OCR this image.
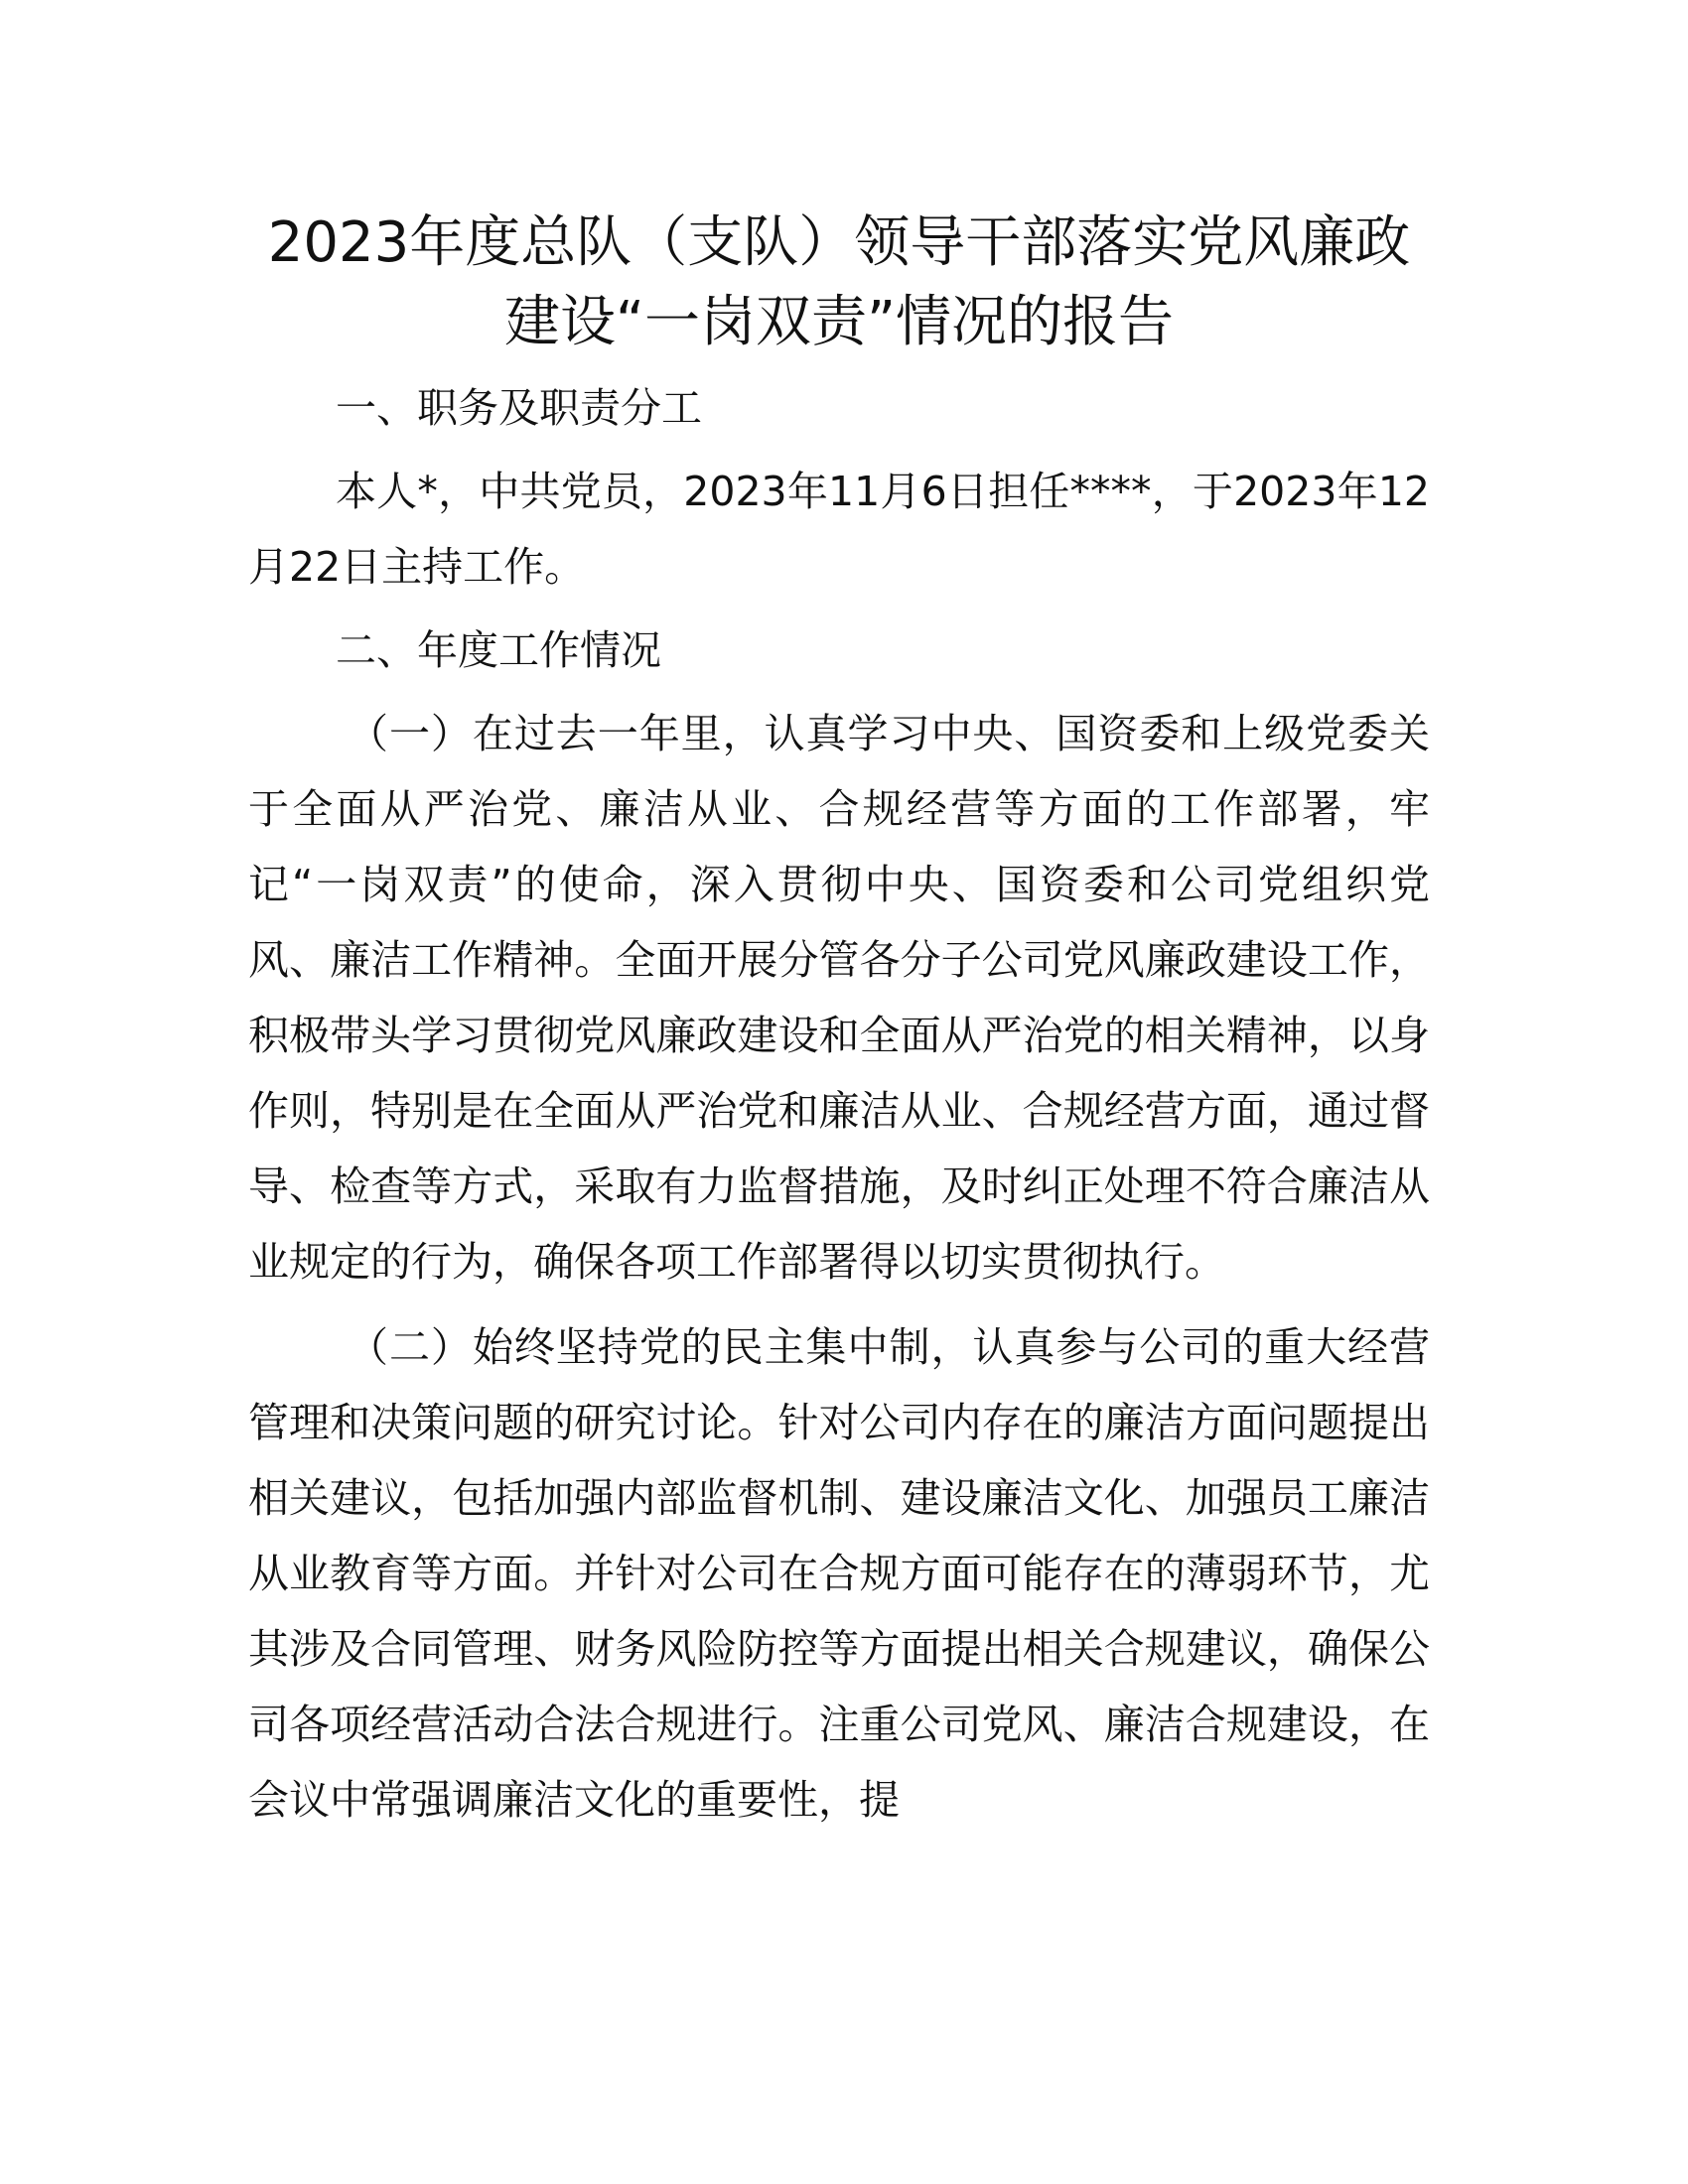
2023年度总队（支队）领导干部落实党风廉政
建设“一岗双责”情况的报告

一、职务及职责分工

本人*，中共党员，2023年11月6日担任****，于2023年12月22日主持工作。

二、年度工作情况

（一）在过去一年里，认真学习中央、国资委和上级党委关于全面从严治党、廉洁从业、合规经营等方面的工作部署，牢记“一岗双责”的使命，深入贯彻中央、国资委和公司党组织党风、廉洁工作精神。全面开展分管各分子公司党风廉政建设工作，积极带头学习贯彻党风廉政建设和全面从严治党的相关精神，以身作则，特别是在全面从严治党和廉洁从业、合规经营方面，通过督导、检查等方式，采取有力监督措施，及时纠正处理不符合廉洁从业规定的行为，确保各项工作部署得以切实贯彻执行。

（二）始终坚持党的民主集中制，认真参与公司的重大经营管理和决策问题的研究讨论。针对公司内存在的廉洁方面问题提出相关建议，包括加强内部监督机制、建设廉洁文化、加强员工廉洁从业教育等方面。并针对公司在合规方面可能存在的薄弱环节，尤其涉及合同管理、财务风险防控等方面提出相关合规建议，确保公司各项经营活动合法合规进行。注重公司党风、廉洁合规建设，在会议中常强调廉洁文化的重要性，提
